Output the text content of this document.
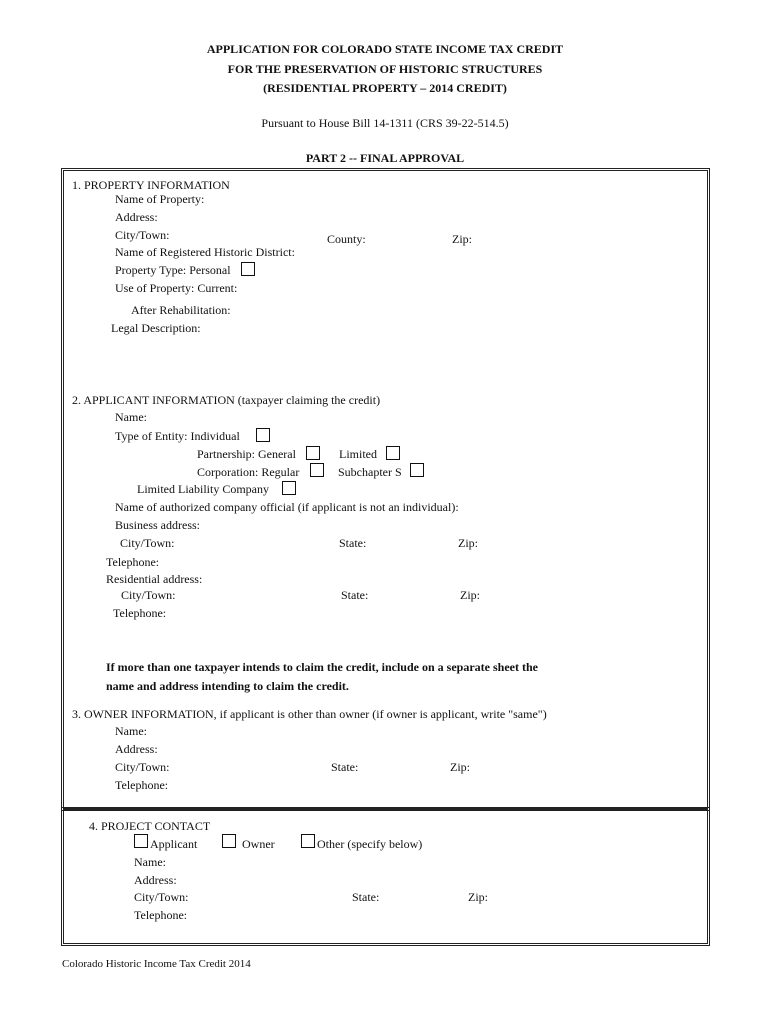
APPLICATION FOR COLORADO STATE INCOME TAX CREDIT
FOR THE PRESERVATION OF HISTORIC STRUCTURES
(RESIDENTIAL PROPERTY – 2014 CREDIT)
Pursuant to House Bill 14-1311 (CRS 39-22-514.5)
PART 2 -- FINAL APPROVAL
1. PROPERTY INFORMATION
Name of Property:
Address:
City/Town:	County:	Zip:
Name of Registered Historic District:
Property Type: Personal
Use of Property: Current:
After Rehabilitation:
Legal Description:
2. APPLICANT INFORMATION (taxpayer claiming the credit)
Name:
Type of Entity: Individual
Partnership: General	Limited
Corporation: Regular	Subchapter S
Limited Liability Company
Name of authorized company official (if applicant is not an individual):
Business address:
City/Town:	State:	Zip:
Telephone:
Residential address:
City/Town:	State:	Zip:
Telephone:
If more than one taxpayer intends to claim the credit, include on a separate sheet the
name and address intending to claim the credit.
3. OWNER INFORMATION, if applicant is other than owner (if owner is applicant, write "same")
Name:
Address:
City/Town:	State:	Zip:
Telephone:
4. PROJECT CONTACT
Applicant	Owner	Other (specify below)
Name:
Address:
City/Town:	State:	Zip:
Telephone:
Colorado Historic Income Tax Credit 2014
